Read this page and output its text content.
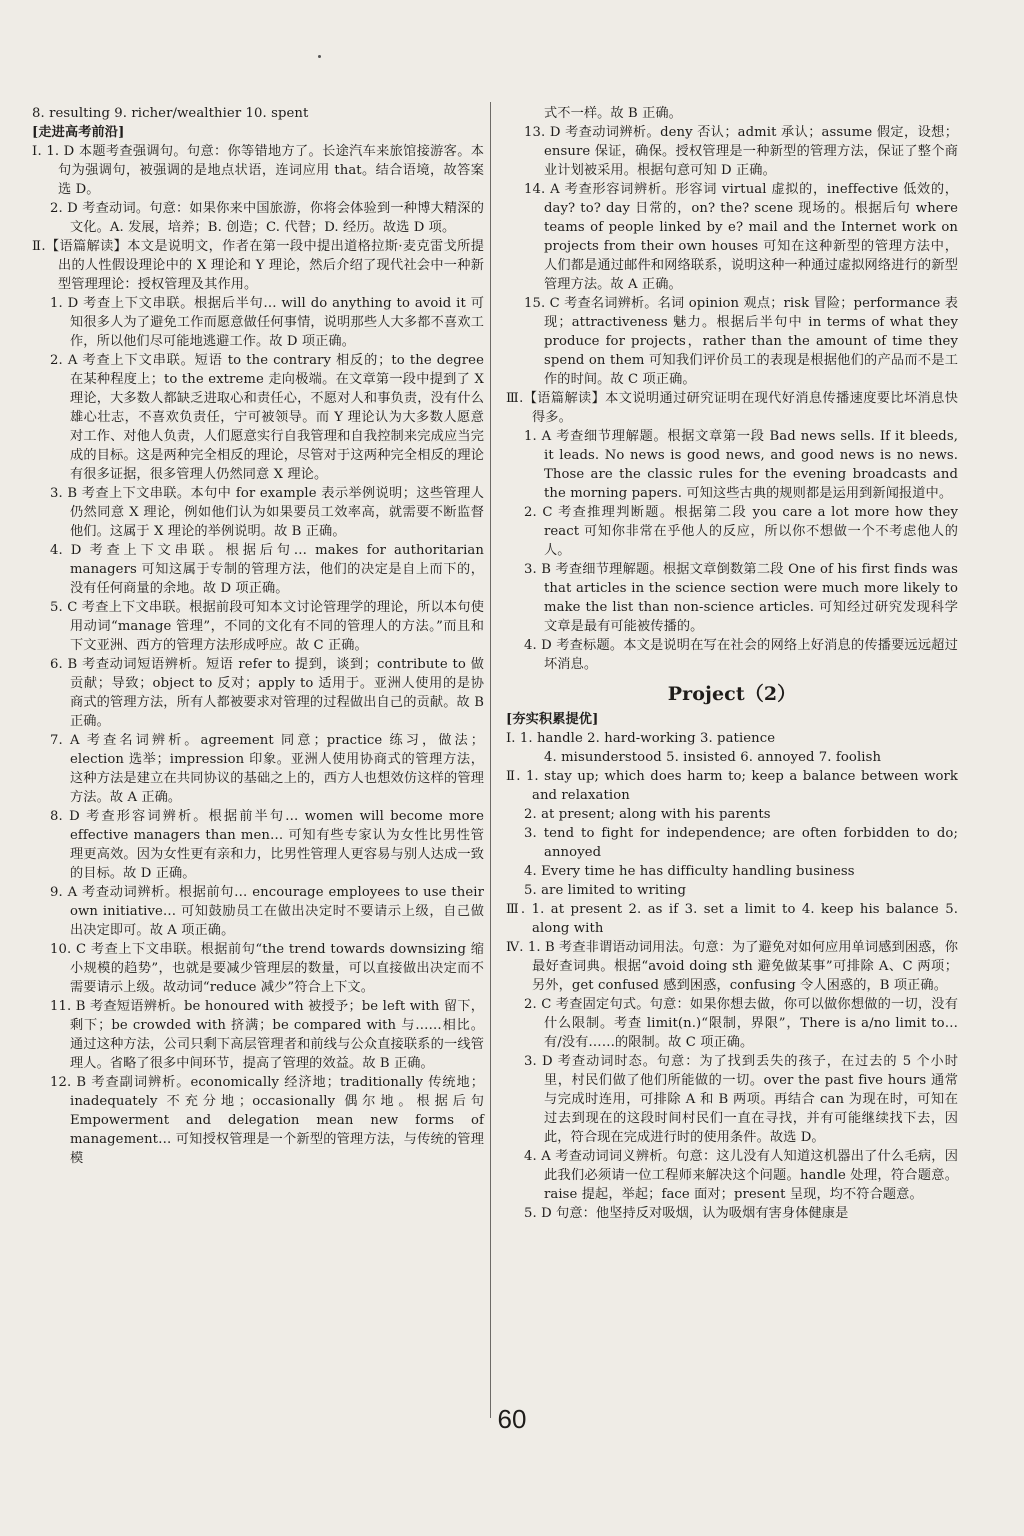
8. resulting 9. richer/wealthier 10. spent
[走进高考前沿]
Ⅰ. 1. D 本题考查强调句。句意：你等错地方了。长途汽车来旅馆接游客。本句为强调句，被强调的是地点状语，连词应用 that。结合语境，故答案选 D。
2. D 考查动词。句意：如果你来中国旅游，你将会体验到一种博大精深的文化。A. 发展，培养；B. 创造；C. 代替；D. 经历。故选 D 项。
Ⅱ.【语篇解读】本文是说明文，作者在第一段中提出道格拉斯·麦克雷戈所提出的人性假设理论中的 X 理论和 Y 理论，然后介绍了现代社会中一种新型管理理论：授权管理及其作用。
1. D 考查上下文串联。根据后半句… will do anything to avoid it 可知很多人为了避免工作而愿意做任何事情，说明那些人大多都不喜欢工作，所以他们尽可能地逃避工作。故 D 项正确。
2. A 考查上下文串联。短语 to the contrary 相反的；to the degree 在某种程度上；to the extreme 走向极端。在文章第一段中提到了 X 理论，大多数人都缺乏进取心和责任心，不愿对人和事负责，没有什么雄心壮志，不喜欢负责任，宁可被领导。而 Y 理论认为大多数人愿意对工作、对他人负责，人们愿意实行自我管理和自我控制来完成应当完成的目标。这是两种完全相反的理论，尽管对于这两种完全相反的理论有很多证据，很多管理人仍然同意 X 理论。
3. B 考查上下文串联。本句中 for example 表示举例说明；这些管理人仍然同意 X 理论，例如他们认为如果要员工效率高，就需要不断监督他们。这属于 X 理论的举例说明。故 B 正确。
4. D 考查上下文串联。根据后句… makes for authoritarian managers 可知这属于专制的管理方法，他们的决定是自上而下的，没有任何商量的余地。故 D 项正确。
5. C 考查上下文串联。根据前段可知本文讨论管理学的理论，所以本句使用动词“manage 管理”，不同的文化有不同的管理人的方法。”而且和下文亚洲、西方的管理方法形成呼应。故 C 正确。
6. B 考查动词短语辨析。短语 refer to 提到，谈到；contribute to 做贡献；导致；object to 反对；apply to 适用于。亚洲人使用的是协商式的管理方法，所有人都被要求对管理的过程做出自己的贡献。故 B 正确。
7. A 考查名词辨析。agreement 同意；practice 练习，做法；election 选举；impression 印象。亚洲人使用协商式的管理方法，这种方法是建立在共同协议的基础之上的，西方人也想效仿这样的管理方法。故 A 正确。
8. D 考查形容词辨析。根据前半句… women will become more effective managers than men… 可知有些专家认为女性比男性管理更高效。因为女性更有亲和力，比男性管理人更容易与别人达成一致的目标。故 D 正确。
9. A 考查动词辨析。根据前句… encourage employees to use their own initiative… 可知鼓励员工在做出决定时不要请示上级，自己做出决定即可。故 A 项正确。
10. C 考查上下文串联。根据前句“the trend towards downsizing 缩小规模的趋势”，也就是要减少管理层的数量，可以直接做出决定而不需要请示上级。故动词“reduce 减少”符合上下文。
11. B 考查短语辨析。be honoured with 被授予；be left with 留下，剩下；be crowded with 挤满；be compared with 与……相比。通过这种方法，公司只剩下高层管理者和前线与公众直接联系的一线管理人。省略了很多中间环节，提高了管理的效益。故 B 正确。
12. B 考查副词辨析。economically 经济地；traditionally 传统地；inadequately 不充分地；occasionally 偶尔地。根据后句 Empowerment and delegation mean new forms of management… 可知授权管理是一个新型的管理方法，与传统的管理模
式不一样。故 B 正确。
13. D 考查动词辨析。deny 否认；admit 承认；assume 假定，设想；ensure 保证，确保。授权管理是一种新型的管理方法，保证了整个商业计划被采用。根据句意可知 D 正确。
14. A 考查形容词辨析。形容词 virtual 虚拟的，ineffective 低效的，day? to? day 日常的，on? the? scene 现场的。根据后句 where teams of people linked by e? mail and the Internet work on projects from their own houses 可知在这种新型的管理方法中，人们都是通过邮件和网络联系，说明这种一种通过虚拟网络进行的新型管理方法。故 A 正确。
15. C 考查名词辨析。名词 opinion 观点；risk 冒险；performance 表现；attractiveness 魅力。根据后半句中 in terms of what they produce for projects，rather than the amount of time they spend on them 可知我们评价员工的表现是根据他们的产品而不是工作的时间。故 C 项正确。
Ⅲ.【语篇解读】本文说明通过研究证明在现代好消息传播速度要比坏消息快得多。
1. A 考查细节理解题。根据文章第一段 Bad news sells. If it bleeds, it leads. No news is good news, and good news is no news. Those are the classic rules for the evening broadcasts and the morning papers. 可知这些古典的规则都是运用到新闻报道中。
2. C 考查推理判断题。根据第二段 you care a lot more how they react 可知你非常在乎他人的反应，所以你不想做一个不考虑他人的人。
3. B 考查细节理解题。根据文章倒数第二段 One of his first finds was that articles in the science section were much more likely to make the list than non-science articles. 可知经过研究发现科学文章是最有可能被传播的。
4. D 考查标题。本文是说明在写在社会的网络上好消息的传播要远远超过坏消息。
Project（2）
[夯实积累提优]
Ⅰ. 1. handle 2. hard-working 3. patience
4. misunderstood 5. insisted 6. annoyed 7. foolish
Ⅱ. 1. stay up; which does harm to; keep a balance between work and relaxation
2. at present; along with his parents
3. tend to fight for independence; are often forbidden to do; annoyed
4. Every time he has difficulty handling business
5. are limited to writing
Ⅲ. 1. at present 2. as if 3. set a limit to 4. keep his balance 5. along with
Ⅳ. 1. B 考查非谓语动词用法。句意：为了避免对如何应用单词感到困惑，你最好查词典。根据“avoid doing sth 避免做某事”可排除 A、C 两项；另外，get confused 感到困惑，confusing 令人困惑的，B 项正确。
2. C 考查固定句式。句意：如果你想去做，你可以做你想做的一切，没有什么限制。考查 limit(n.)“限制，界限”，There is a/no limit to… 有/没有……的限制。故 C 项正确。
3. D 考查动词时态。句意：为了找到丢失的孩子，在过去的 5 个小时里，村民们做了他们所能做的一切。over the past five hours 通常与完成时连用，可排除 A 和 B 两项。再结合 can 为现在时，可知在过去到现在的这段时间村民们一直在寻找，并有可能继续找下去，因此，符合现在完成进行时的使用条件。故选 D。
4. A 考查动词词义辨析。句意：这儿没有人知道这机器出了什么毛病，因此我们必须请一位工程师来解决这个问题。handle 处理，符合题意。raise 提起，举起；face 面对；present 呈现，均不符合题意。
5. D 句意：他坚持反对吸烟，认为吸烟有害身体健康是
60
